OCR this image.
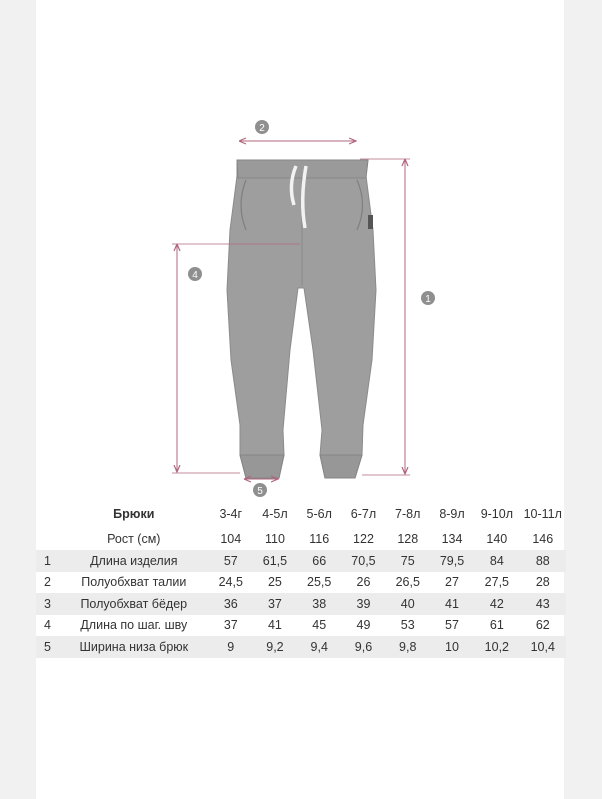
2
1
4
5
	Брюки	3-4г	4-5л	5-6л	6-7л	7-8л	8-9л	9-10л	10-11л

	Рост (см)	104	110	116	122	128	134	140	146
1	Длина изделия	57	61,5	66	70,5	75	79,5	84	88
2	Полуобхват талии	24,5	25	25,5	26	26,5	27	27,5	28
3	Полуобхват бёдер	36	37	38	39	40	41	42	43
4	Длина по шаг. шву	37	41	45	49	53	57	61	62
5	Ширина низа брюк	9	9,2	9,4	9,6	9,8	10	10,2	10,4
